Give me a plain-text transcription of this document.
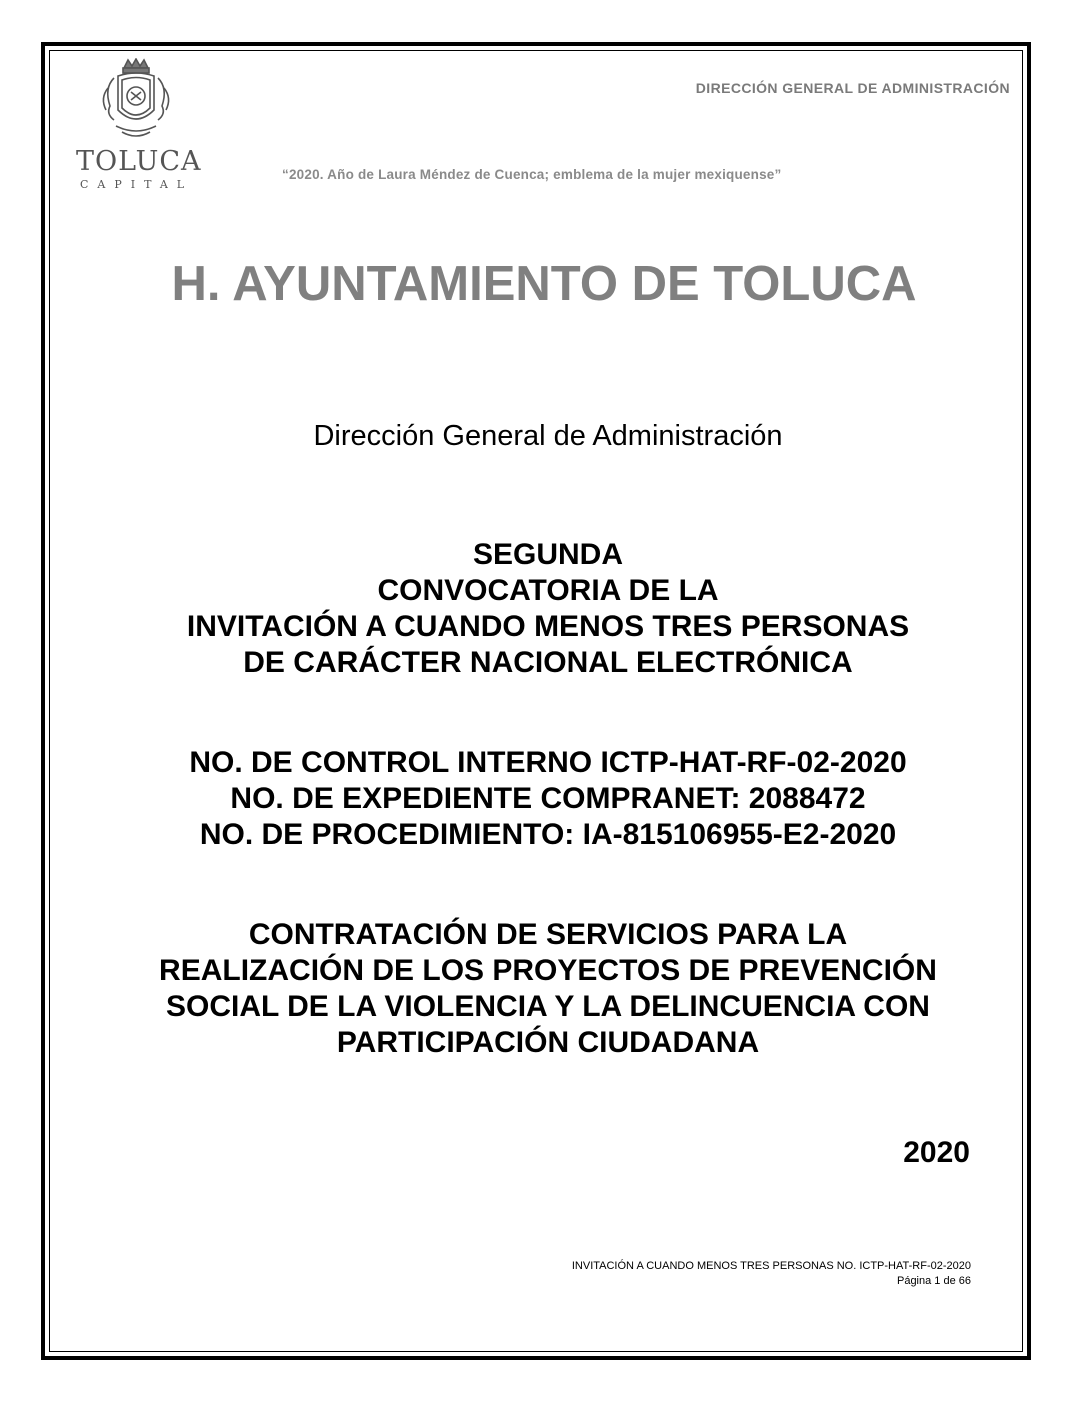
TOLUCA
CAPITAL
DIRECCIÓN GENERAL DE ADMINISTRACIÓN
“2020. Año de Laura Méndez de Cuenca; emblema de la mujer mexiquense”
H. AYUNTAMIENTO DE TOLUCA
Dirección General de Administración
SEGUNDA
CONVOCATORIA DE LA
INVITACIÓN A CUANDO MENOS TRES PERSONAS
DE CARÁCTER NACIONAL ELECTRÓNICA
NO. DE CONTROL INTERNO ICTP-HAT-RF-02-2020
NO. DE EXPEDIENTE COMPRANET: 2088472
NO. DE PROCEDIMIENTO: IA-815106955-E2-2020
CONTRATACIÓN DE SERVICIOS PARA LA
REALIZACIÓN DE LOS PROYECTOS DE PREVENCIÓN
SOCIAL DE LA VIOLENCIA Y LA DELINCUENCIA CON
PARTICIPACIÓN CIUDADANA
2020
INVITACIÓN A CUANDO MENOS TRES PERSONAS NO. ICTP-HAT-RF-02-2020
Página 1 de 66
